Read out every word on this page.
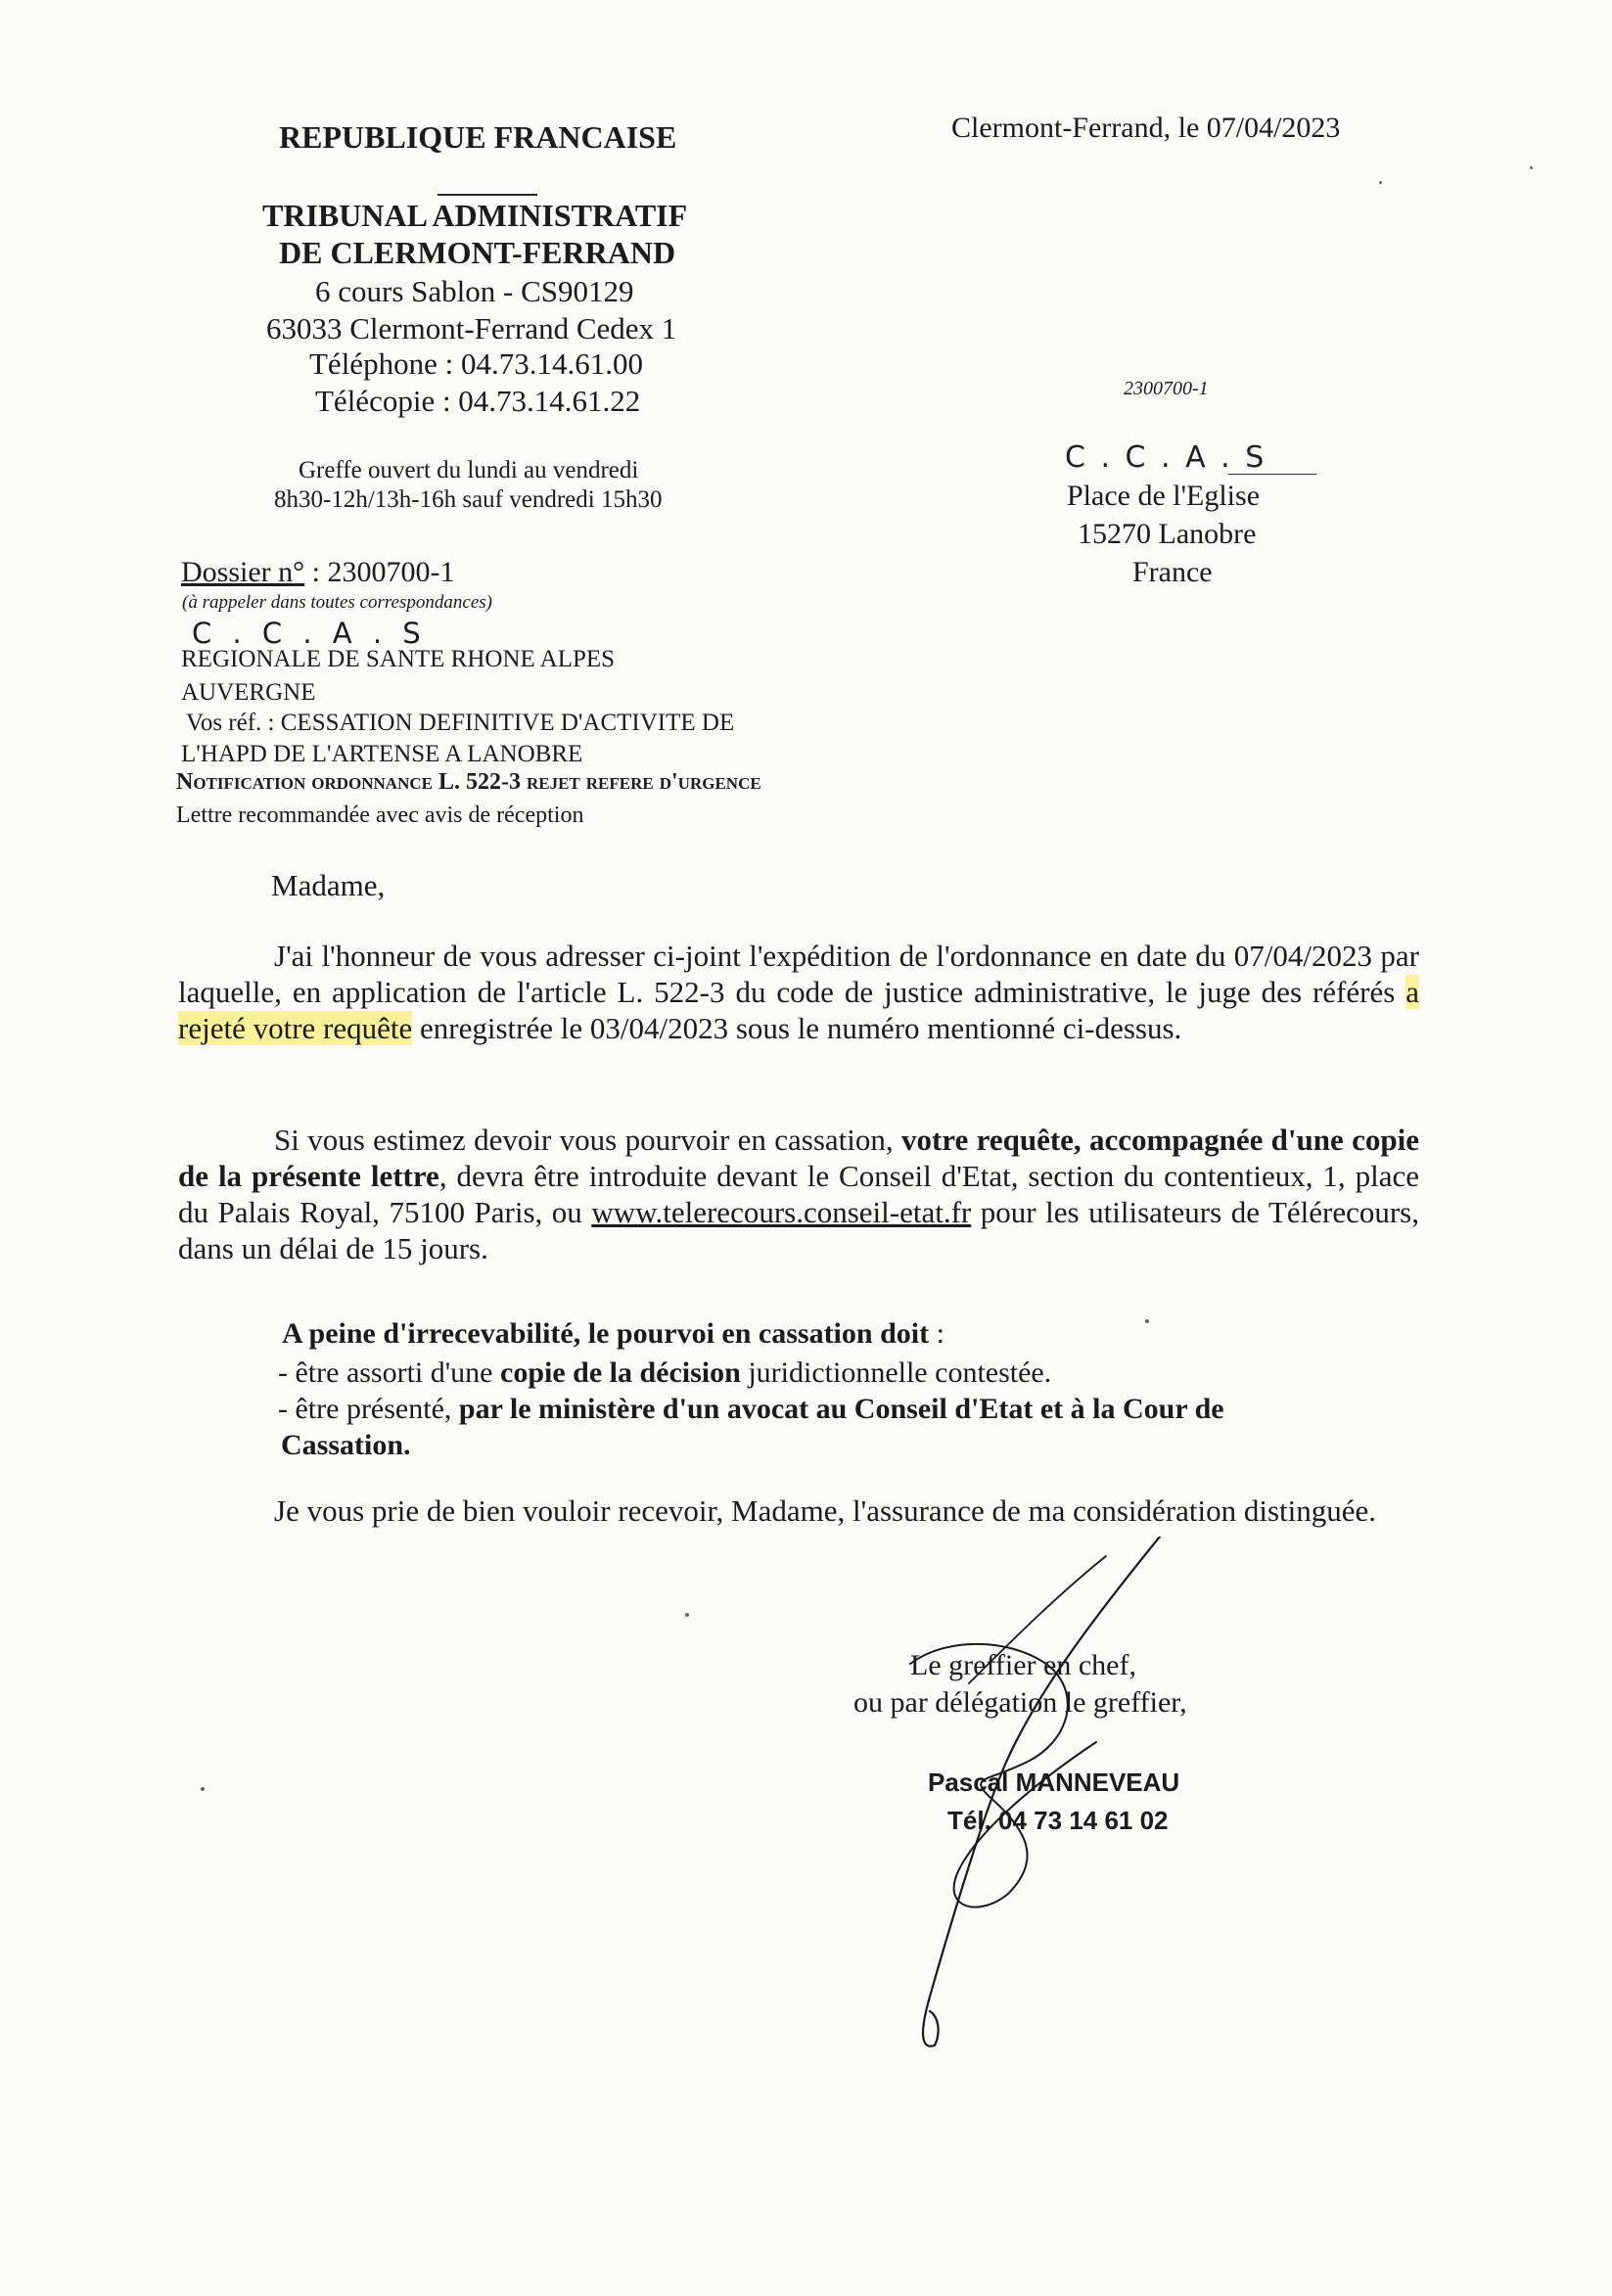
REPUBLIQUE FRANCAISE
TRIBUNAL ADMINISTRATIF
DE CLERMONT-FERRAND
6 cours Sablon - CS90129
63033 Clermont-Ferrand Cedex 1
Téléphone : 04.73.14.61.00
Télécopie : 04.73.14.61.22
Greffe ouvert du lundi au vendredi
8h30-12h/13h-16h sauf vendredi 15h30
Clermont-Ferrand, le 07/04/2023
2300700-1
C . C . A . S
Place de l'Eglise
15270 Lanobre
France
Dossier n° : 2300700-1
(à rappeler dans toutes correspondances)
C . C . A . S
REGIONALE DE SANTE RHONE ALPES
AUVERGNE
Vos réf. : CESSATION DEFINITIVE D'ACTIVITE DE
L'HAPD DE L'ARTENSE A LANOBRE
Notification ordonnance L. 522-3 rejet refere d'urgence
Lettre recommandée avec avis de réception
Madame,
J'ai l'honneur de vous adresser ci-joint l'expédition de l'ordonnance en date du 07/04/2023 par laquelle, en application de l'article L. 522-3 du code de justice administrative, le juge des référés a rejeté votre requête enregistrée le 03/04/2023 sous le numéro mentionné ci-dessus.
Si vous estimez devoir vous pourvoir en cassation, votre requête, accompagnée d'une copie de la présente lettre, devra être introduite devant le Conseil d'Etat, section du contentieux, 1, place du Palais Royal, 75100 Paris, ou www.telerecours.conseil-etat.fr pour les utilisateurs de Télérecours, dans un délai de 15 jours.
A peine d'irrecevabilité, le pourvoi en cassation doit :
- être assorti d'une copie de la décision juridictionnelle contestée.
- être présenté, par le ministère d'un avocat au Conseil d'Etat et à la Cour de
Cassation.
Je vous prie de bien vouloir recevoir, Madame, l'assurance de ma considération distinguée.
Le greffier en chef,
ou par délégation le greffier,
Pascal MANNEVEAU
Tél. 04 73 14 61 02
